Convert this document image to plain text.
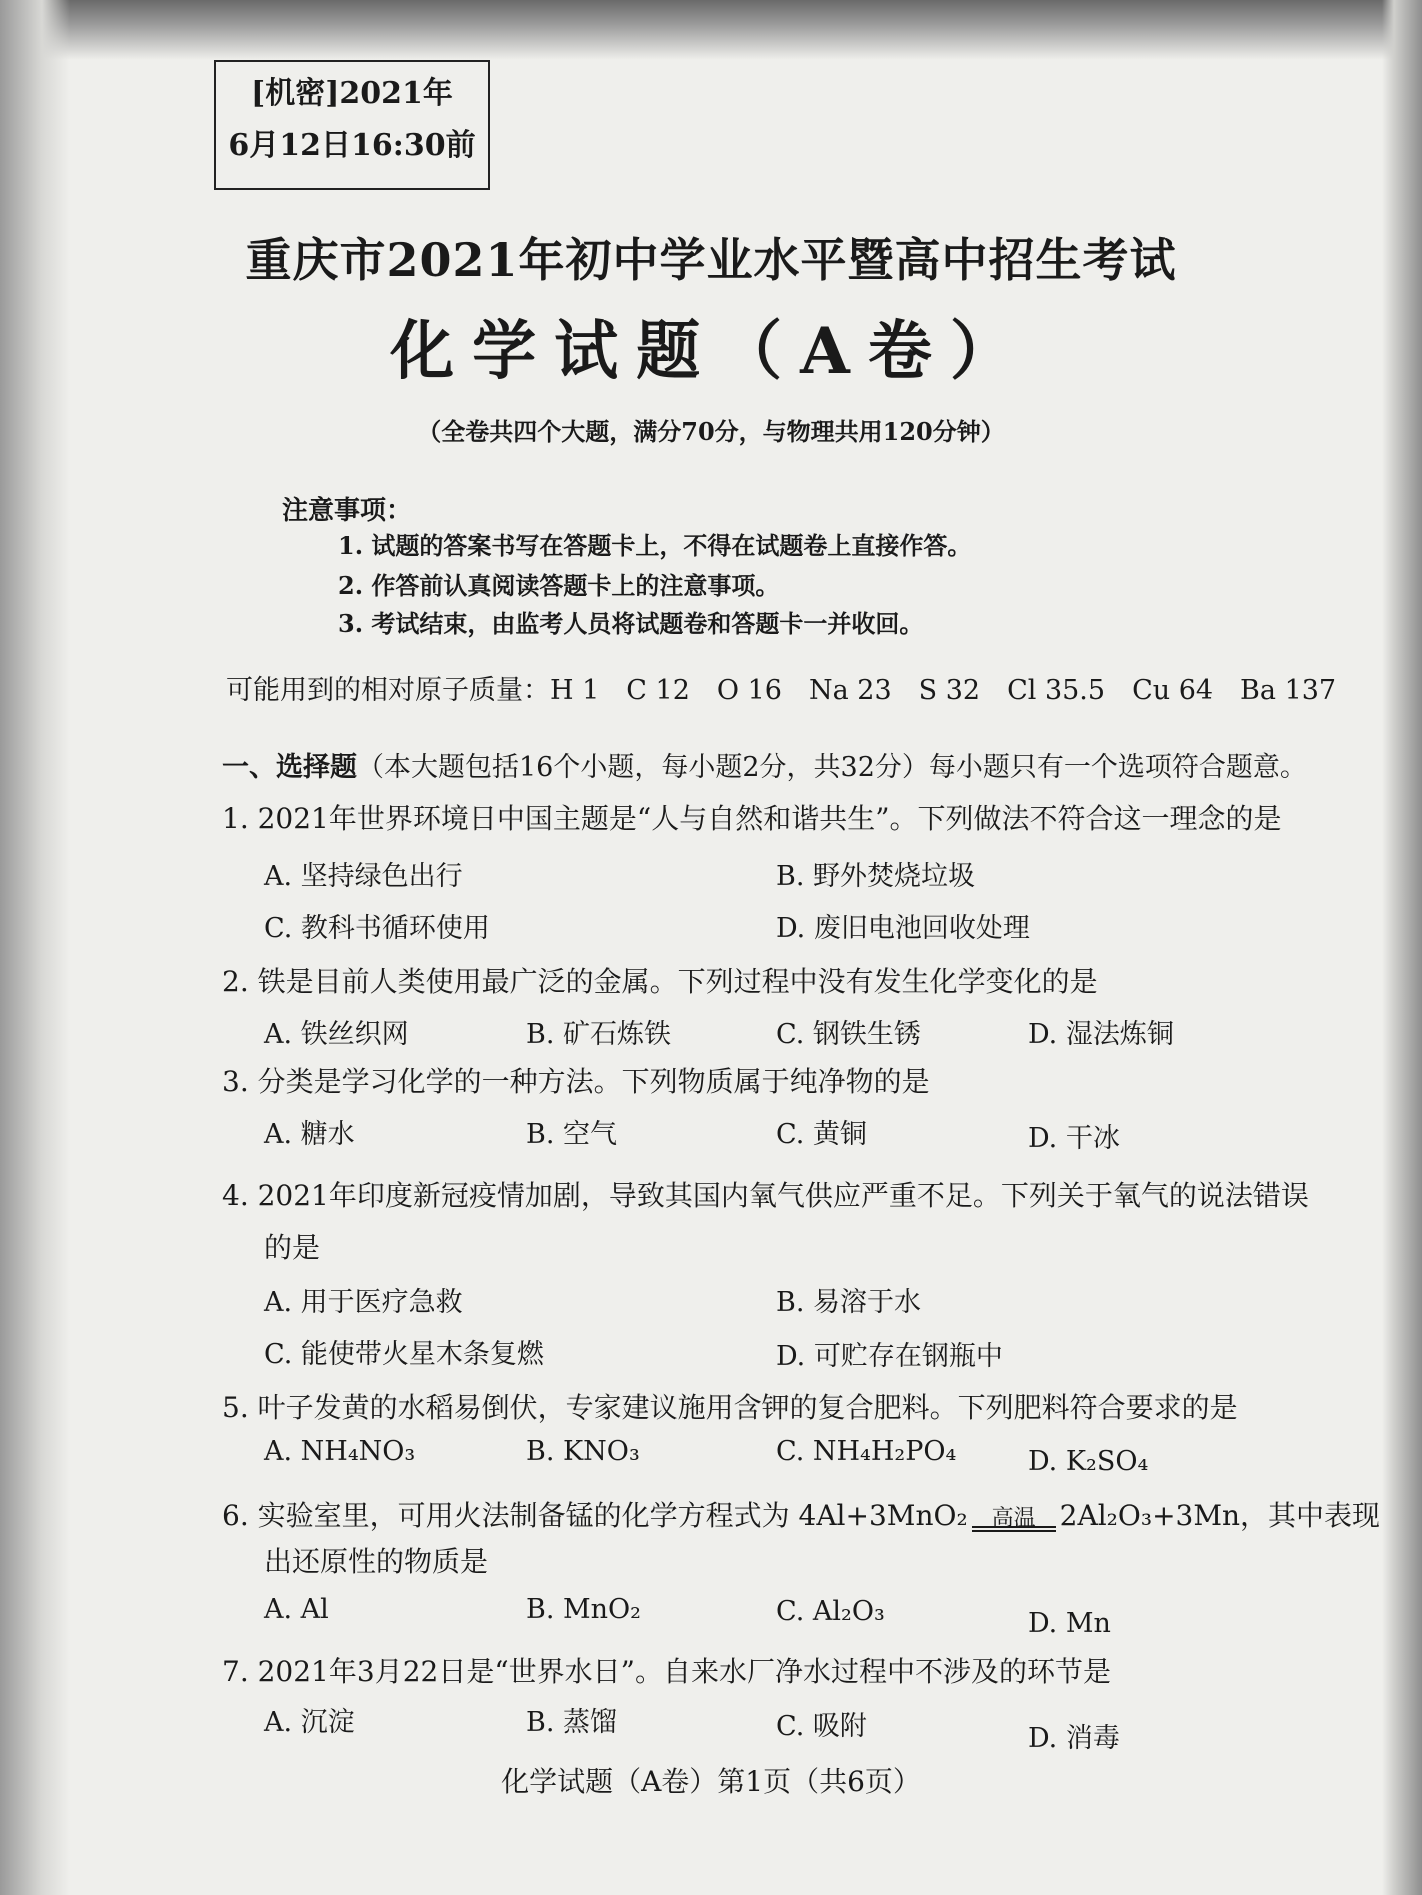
[机密]2021年
6月12日16:30前
重庆市2021年初中学业水平暨高中招生考试
化学试题（A卷）
（全卷共四个大题，满分70分，与物理共用120分钟）
注意事项：
1. 试题的答案书写在答题卡上，不得在试题卷上直接作答。
2. 作答前认真阅读答题卡上的注意事项。
3. 考试结束，由监考人员将试题卷和答题卡一并收回。
可能用到的相对原子质量：H 1　C 12　O 16　Na 23　S 32　Cl 35.5　Cu 64　Ba 137
一、选择题（本大题包括16个小题，每小题2分，共32分）每小题只有一个选项符合题意。
1. 2021年世界环境日中国主题是“人与自然和谐共生”。下列做法不符合这一理念的是
A. 坚持绿色出行	B. 野外焚烧垃圾
C. 教科书循环使用	D. 废旧电池回收处理
2. 铁是目前人类使用最广泛的金属。下列过程中没有发生化学变化的是
A. 铁丝织网	B. 矿石炼铁	C. 钢铁生锈	D. 湿法炼铜
3. 分类是学习化学的一种方法。下列物质属于纯净物的是
A. 糖水	B. 空气	C. 黄铜	D. 干冰
4. 2021年印度新冠疫情加剧，导致其国内氧气供应严重不足。下列关于氧气的说法错误
的是
A. 用于医疗急救	B. 易溶于水
C. 能使带火星木条复燃	D. 可贮存在钢瓶中
5. 叶子发黄的水稻易倒伏，专家建议施用含钾的复合肥料。下列肥料符合要求的是
A. NH₄NO₃	B. KNO₃	C. NH₄H₂PO₄	D. K₂SO₄
6. 实验室里，可用火法制备锰的化学方程式为 4Al+3MnO₂	高温 2Al₂O₃+3Mn，其中表现
出还原性的物质是
A. Al	B. MnO₂	C. Al₂O₃	D. Mn
7. 2021年3月22日是“世界水日”。自来水厂净水过程中不涉及的环节是
A. 沉淀	B. 蒸馏	C. 吸附	D. 消毒
化学试题（A卷）第1页（共6页）
